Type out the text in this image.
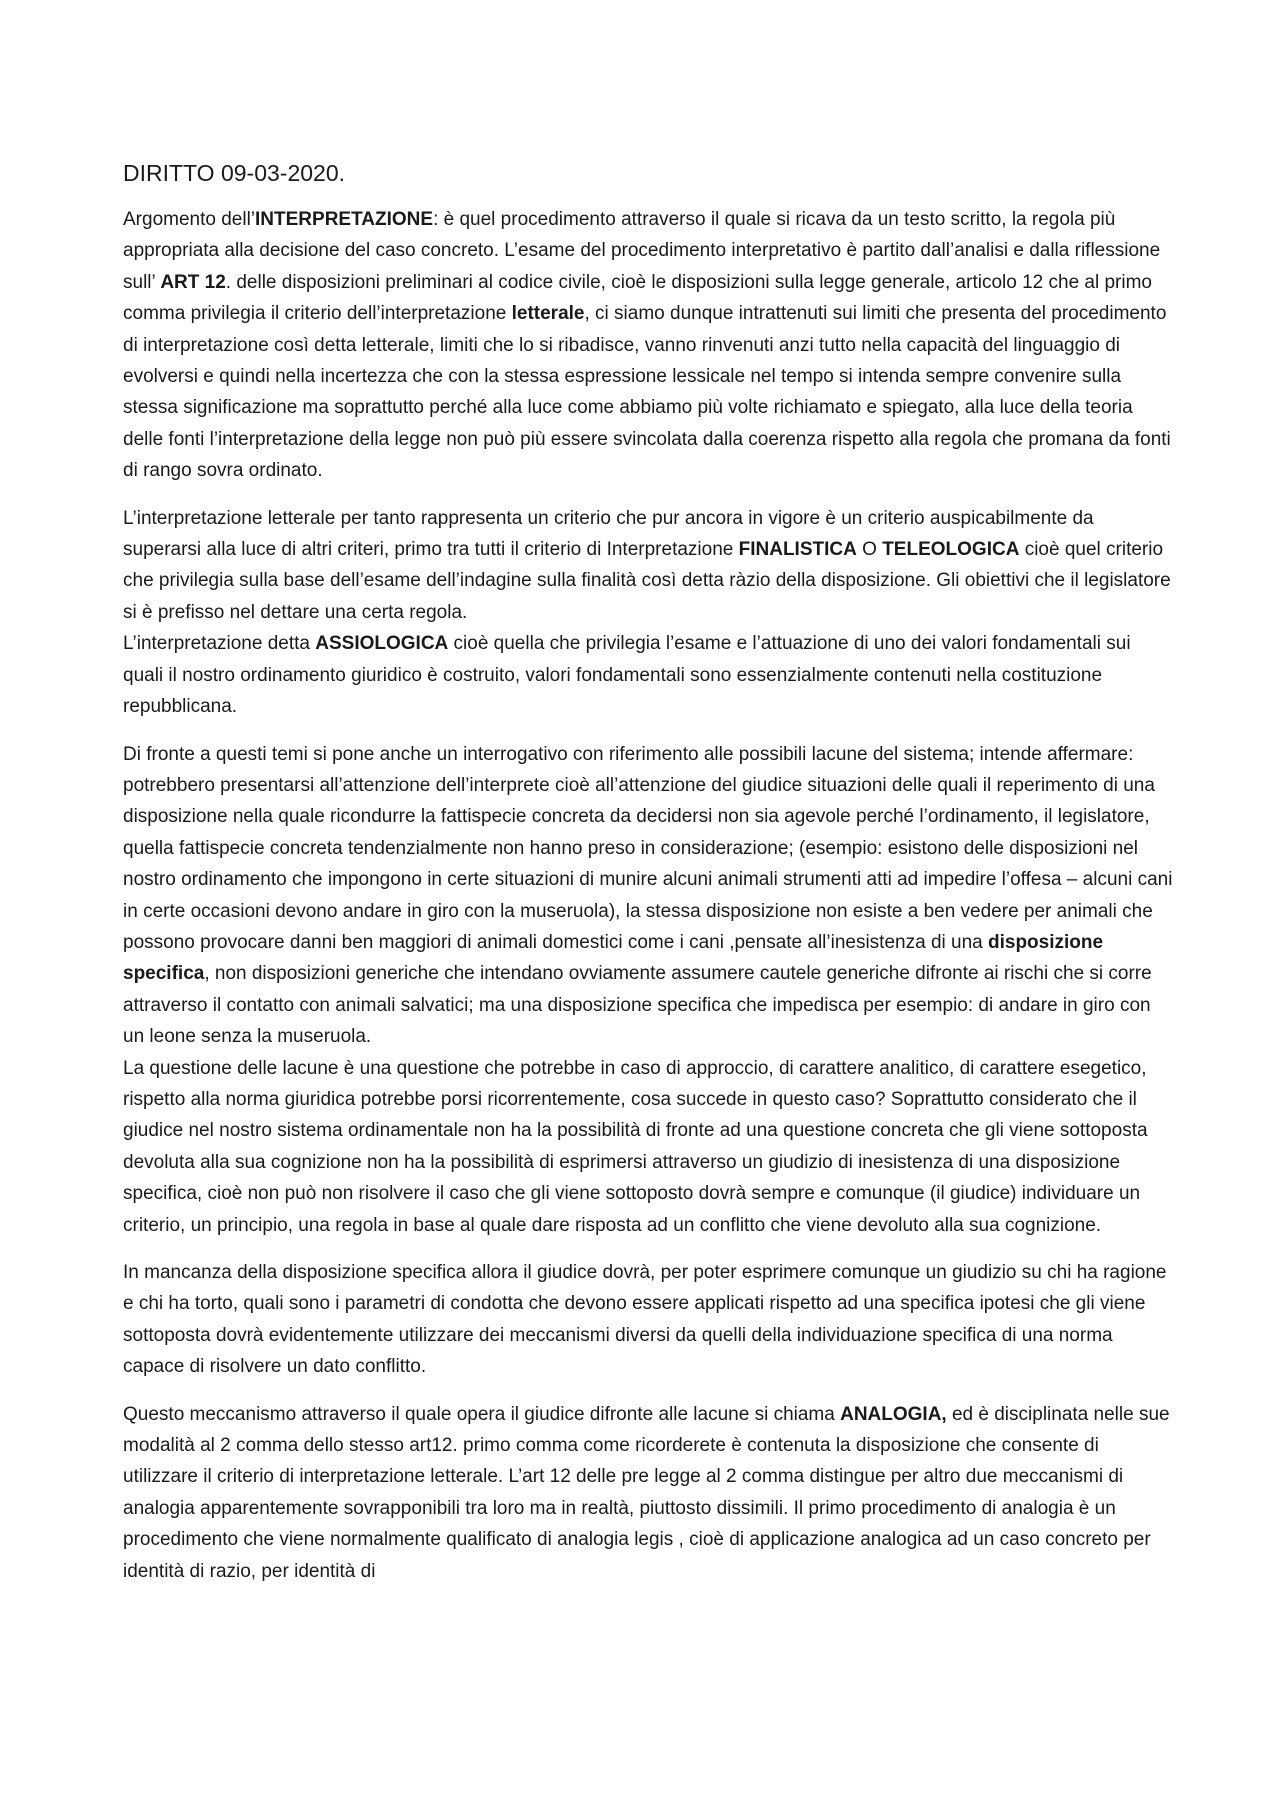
DIRITTO 09-03-2020.

Argomento dell’INTERPRETAZIONE: è quel procedimento attraverso il quale si ricava da un testo scritto, la regola più appropriata alla decisione del caso concreto. L’esame del procedimento interpretativo è partito dall’analisi e dalla riflessione sull’ ART 12. delle disposizioni preliminari al codice civile, cioè le disposizioni sulla legge generale, articolo 12 che al primo comma privilegia il criterio dell’interpretazione letterale, ci siamo dunque intrattenuti sui limiti che presenta del procedimento di interpretazione così detta letterale, limiti che lo si ribadisce, vanno rinvenuti anzi tutto nella capacità del linguaggio di evolversi e quindi nella incertezza che con la stessa espressione lessicale nel tempo si intenda sempre convenire sulla stessa significazione ma soprattutto perché alla luce come abbiamo più volte richiamato e spiegato, alla luce della teoria delle fonti l’interpretazione della legge non può più essere svincolata dalla coerenza rispetto alla regola che promana da fonti di rango sovra ordinato.

L’interpretazione letterale per tanto rappresenta un criterio che pur ancora in vigore è un criterio auspicabilmente da superarsi alla luce di altri criteri, primo tra tutti il criterio di Interpretazione FINALISTICA O TELEOLOGICA cioè quel criterio che privilegia sulla base dell’esame dell’indagine sulla finalità così detta ràzio della disposizione. Gli obiettivi che il legislatore si è prefisso nel dettare una certa regola.
L’interpretazione detta ASSIOLOGICA cioè quella che privilegia l’esame e l’attuazione di uno dei valori fondamentali sui quali il nostro ordinamento giuridico è costruito, valori fondamentali sono essenzialmente contenuti nella costituzione repubblicana.

Di fronte a questi temi si pone anche un interrogativo con riferimento alle possibili lacune del sistema; intende affermare: potrebbero presentarsi all’attenzione dell’interprete cioè all’attenzione del giudice situazioni delle quali il reperimento di una disposizione nella quale ricondurre la fattispecie concreta da decidersi non sia agevole perché l’ordinamento, il legislatore, quella fattispecie concreta tendenzialmente non hanno preso in considerazione; (esempio: esistono delle disposizioni nel nostro ordinamento che impongono in certe situazioni di munire alcuni animali strumenti atti ad impedire l’offesa – alcuni cani in certe occasioni devono andare in giro con la museruola), la stessa disposizione non esiste a ben vedere per animali che possono provocare danni ben maggiori di animali domestici come i cani ,pensate all’inesistenza di una disposizione specifica, non disposizioni generiche che intendano ovviamente assumere cautele generiche difronte ai rischi che si corre attraverso il contatto con animali salvatici; ma una disposizione specifica che impedisca per esempio: di andare in giro con un leone senza la museruola.
La questione delle lacune è una questione che potrebbe in caso di approccio, di carattere analitico, di carattere esegetico, rispetto alla norma giuridica potrebbe porsi ricorrentemente, cosa succede in questo caso? Soprattutto considerato che il giudice nel nostro sistema ordinamentale non ha la possibilità di fronte ad una questione concreta che gli viene sottoposta devoluta alla sua cognizione non ha la possibilità di esprimersi attraverso un giudizio di inesistenza di una disposizione specifica, cioè non può non risolvere il caso che gli viene sottoposto dovrà sempre e comunque (il giudice) individuare un criterio, un principio, una regola in base al quale dare risposta ad un conflitto che viene devoluto alla sua cognizione.

In mancanza della disposizione specifica allora il giudice dovrà, per poter esprimere comunque un giudizio su chi ha ragione e chi ha torto, quali sono i parametri di condotta che devono essere applicati rispetto ad una specifica ipotesi che gli viene sottoposta dovrà evidentemente utilizzare dei meccanismi diversi da quelli della individuazione specifica di una norma capace di risolvere un dato conflitto.

Questo meccanismo attraverso il quale opera il giudice difronte alle lacune si chiama ANALOGIA, ed è disciplinata nelle sue modalità al 2 comma dello stesso art12. primo comma come ricorderete è contenuta la disposizione che consente di utilizzare il criterio di interpretazione letterale. L’art 12 delle pre legge al 2 comma distingue per altro due meccanismi di analogia apparentemente sovrapponibili tra loro ma in realtà, piuttosto dissimili. Il primo procedimento di analogia è un procedimento che viene normalmente qualificato di analogia legis , cioè di applicazione analogica ad un caso concreto per identità di razio, per identità di
